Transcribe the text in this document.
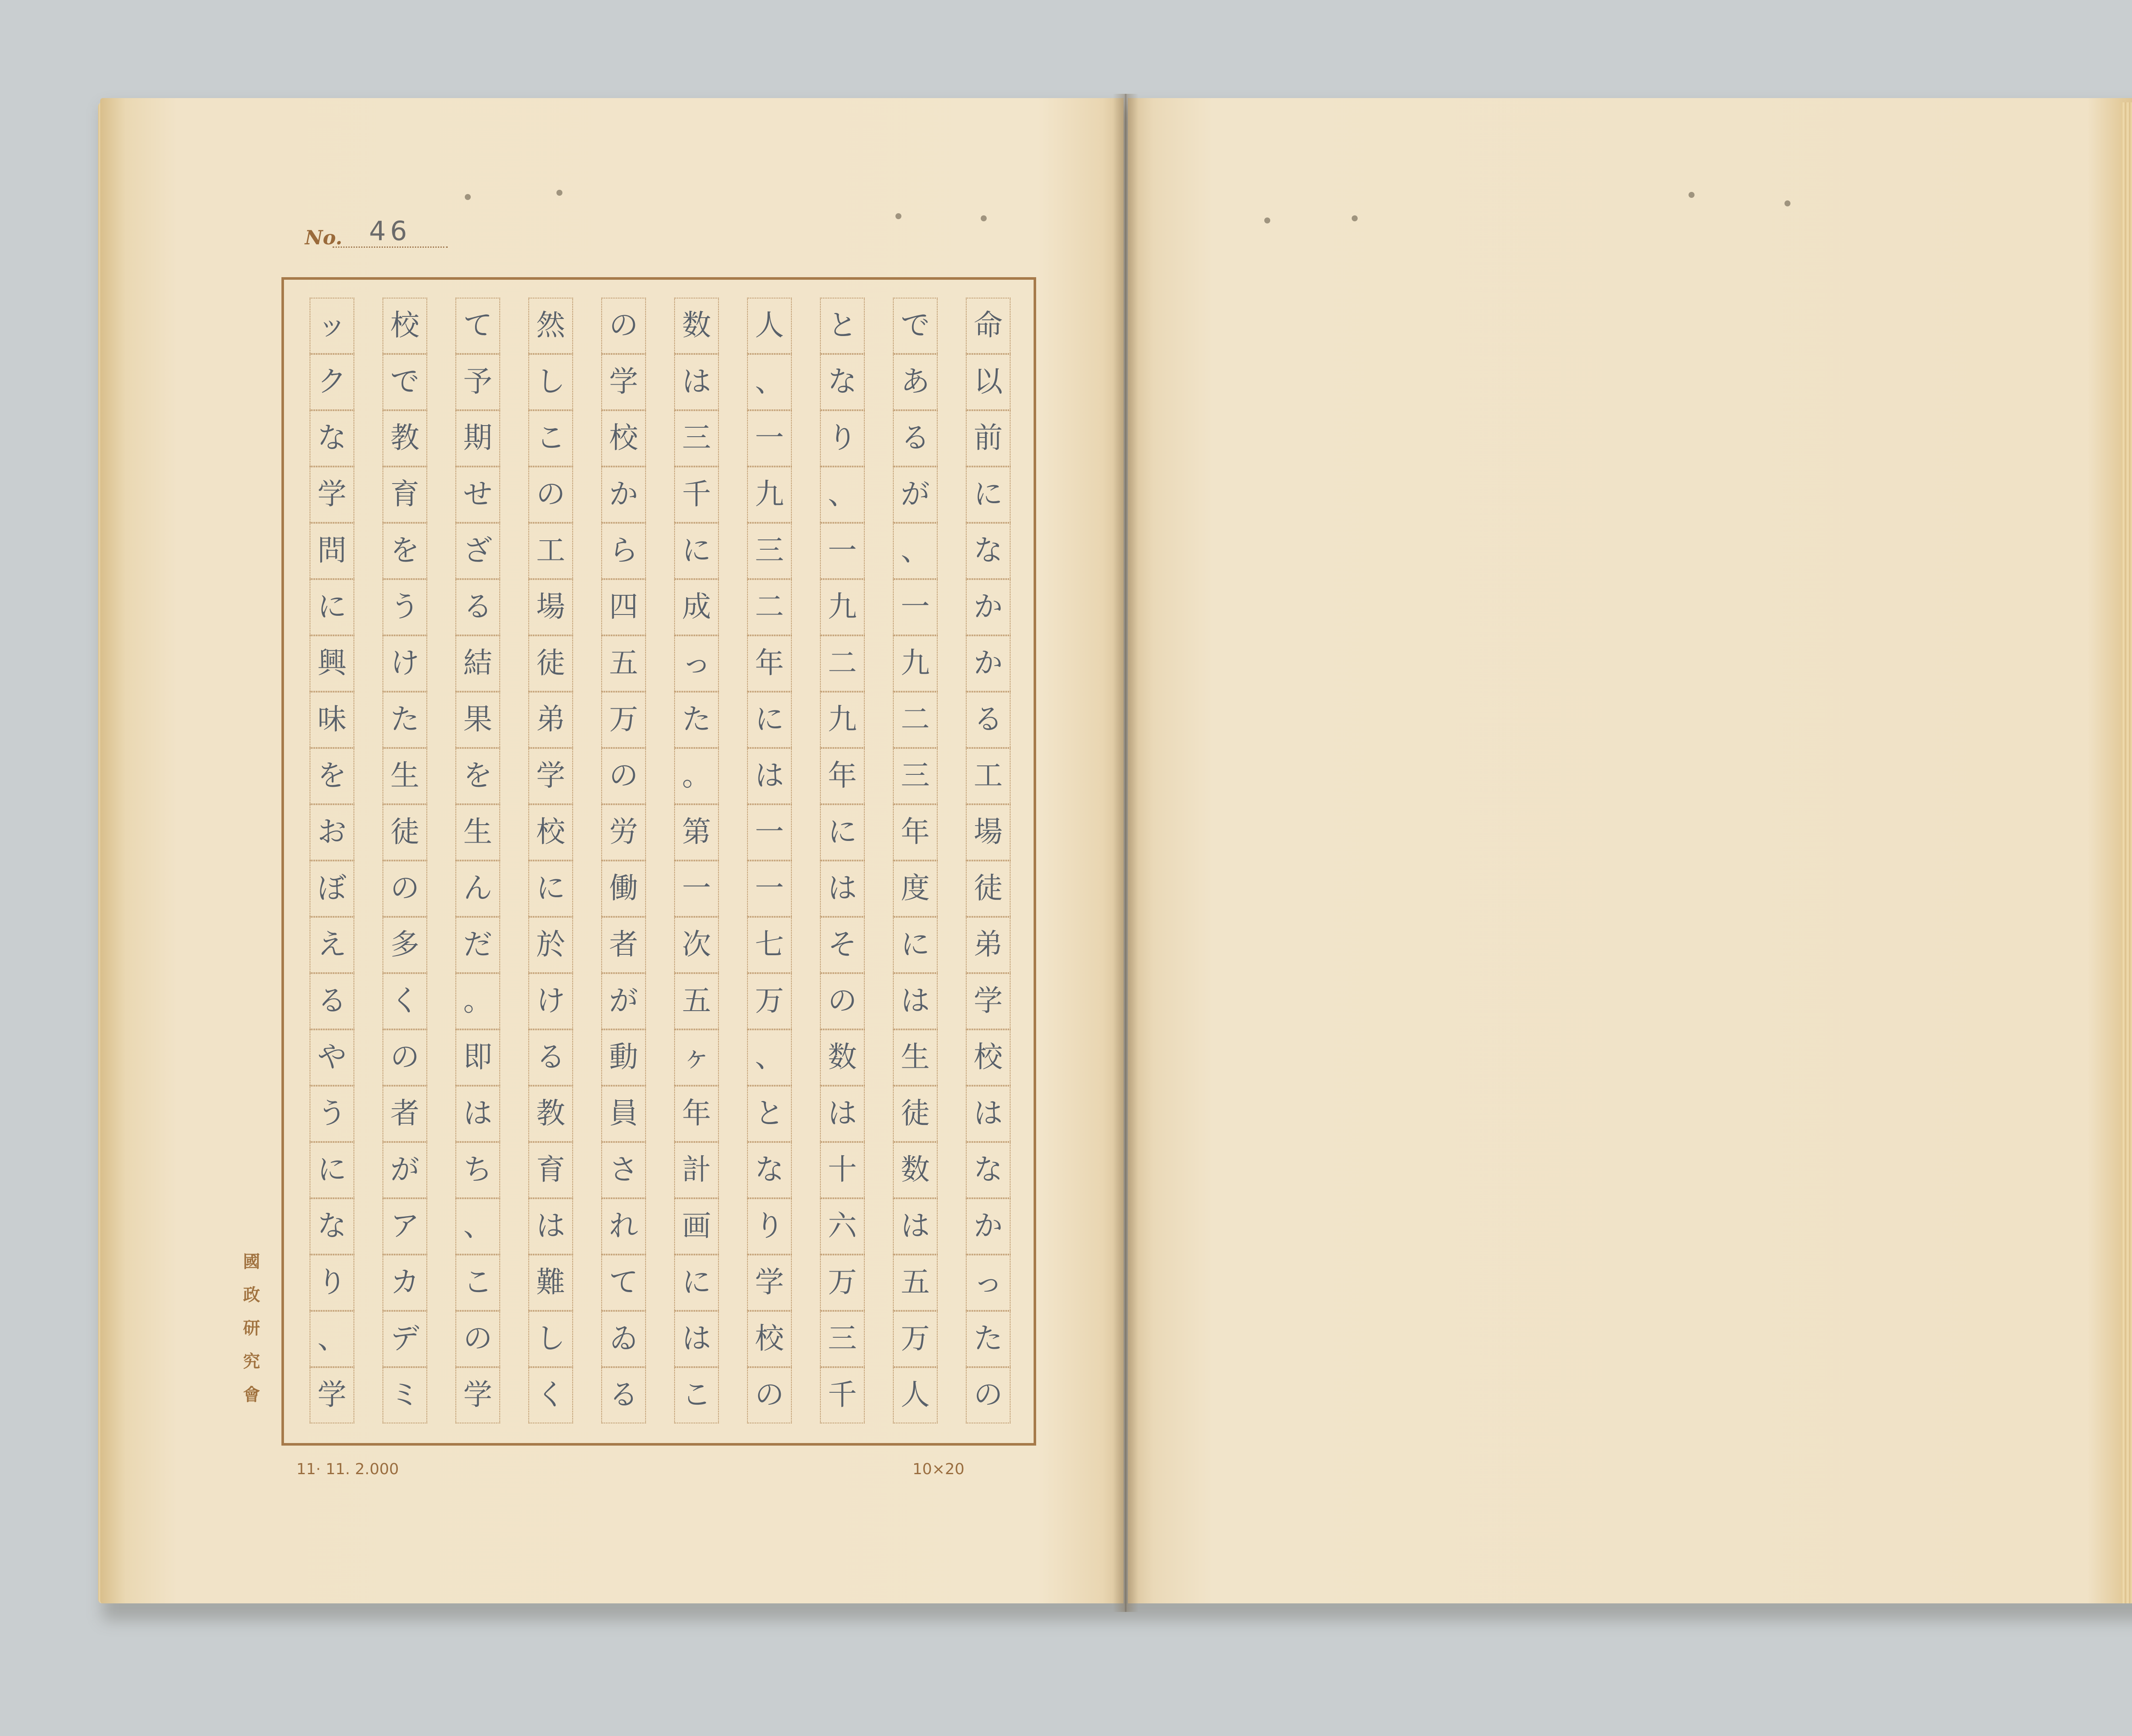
No.	46
命
以
前
に
な
か
か
る
工
場
徒
弟
学
校
は
な
か
っ
た
の
で
あ
る
が
、
一
九
二
三
年
度
に
は
生
徒
数
は
五
万
人
と
な
り
、
一
九
二
九
年
に
は
そ
の
数
は
十
六
万
三
千
人
、
一
九
三
二
年
に
は
一
一
七
万
、
と
な
り
学
校
の
数
は
三
千
に
成
っ
た
。
第
一
次
五
ヶ
年
計
画
に
は
こ
の
学
校
か
ら
四
五
万
の
労
働
者
が
動
員
さ
れ
て
ゐ
る
然
し
こ
の
工
場
徒
弟
学
校
に
於
け
る
教
育
は
難
し
く
て
予
期
せ
ざ
る
結
果
を
生
ん
だ
。
即
は
ち
、
こ
の
学
校
で
教
育
を
う
け
た
生
徒
の
多
く
の
者
が
ア
カ
デ
ミ
ッ
ク
な
学
問
に
興
味
を
お
ぼ
え
る
や
う
に
な
り
、
学
國
政
研
究
會
11· 11. 2.000	10×20
